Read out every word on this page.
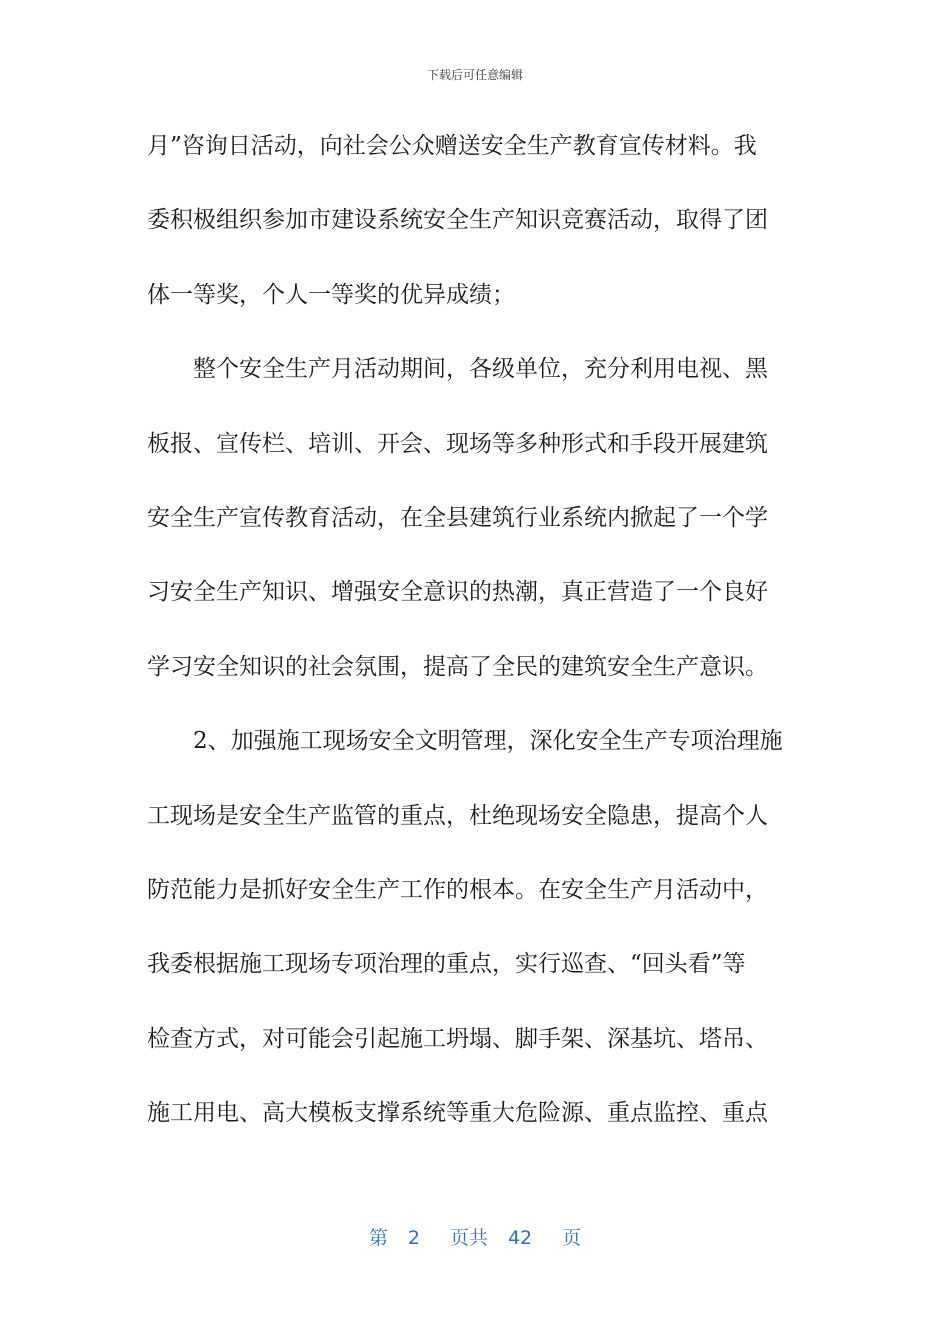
下载后可任意编辑
月”咨询日活动，向社会公众赠送安全生产教育宣传材料。我
委积极组织参加市建设系统安全生产知识竞赛活动，取得了团
体一等奖，个人一等奖的优异成绩；
整个安全生产月活动期间，各级单位，充分利用电视、黑
板报、宣传栏、培训、开会、现场等多种形式和手段开展建筑
安全生产宣传教育活动，在全县建筑行业系统内掀起了一个学
习安全生产知识、增强安全意识的热潮，真正营造了一个良好
学习安全知识的社会氛围，提高了全民的建筑安全生产意识。
2、加强施工现场安全文明管理，深化安全生产专项治理施
工现场是安全生产监管的重点，杜绝现场安全隐患，提高个人
防范能力是抓好安全生产工作的根本。在安全生产月活动中，
我委根据施工现场专项治理的重点，实行巡查、“回头看”等
检查方式，对可能会引起施工坍塌、脚手架、深基坑、塔吊、
施工用电、高大模板支撑系统等重大危险源、重点监控、重点
第 2 页共 42 页
